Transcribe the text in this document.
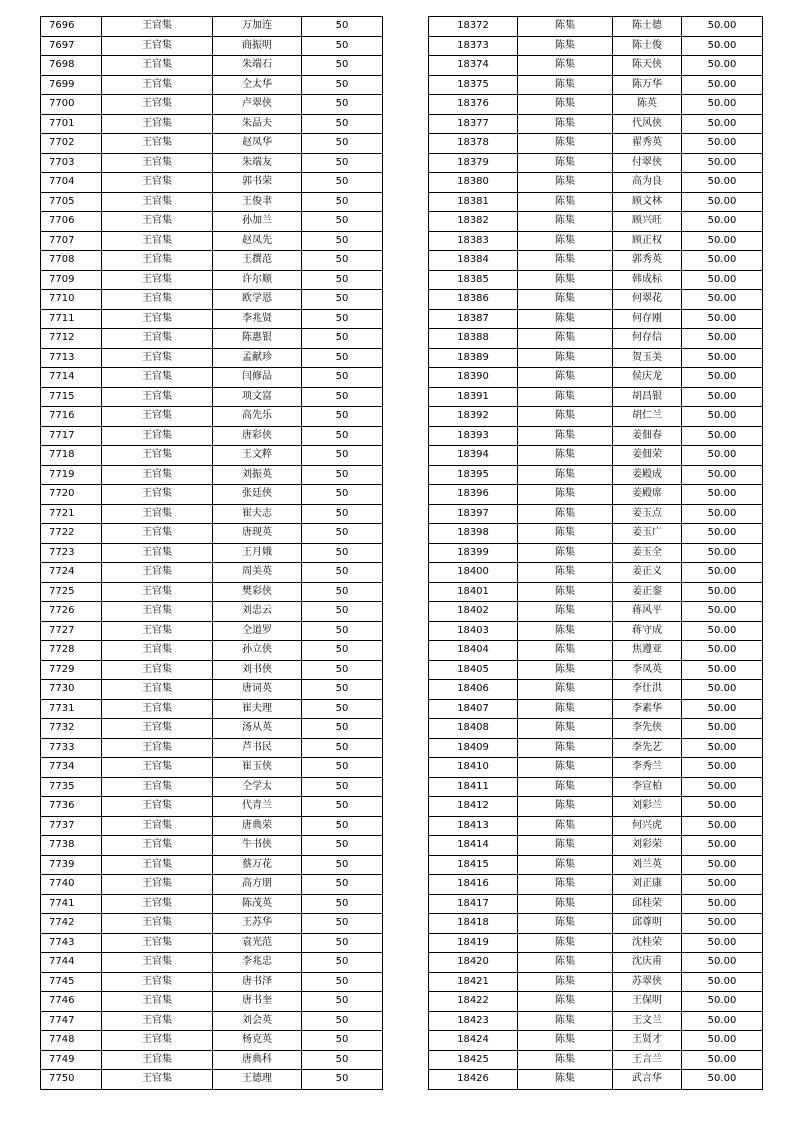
7696	王官集	万加连	50
7697	王官集	商振明	50
7698	王官集	朱端石	50
7699	王官集	仝太华	50
7700	王官集	卢翠侠	50
7701	王官集	朱品夫	50
7702	王官集	赵凤华	50
7703	王官集	朱端友	50
7704	王官集	郭书荣	50
7705	王官集	王俊聿	50
7706	王官集	孙加兰	50
7707	王官集	赵凤先	50
7708	王官集	王撰范	50
7709	王官集	许尔顺	50
7710	王官集	欧学恩	50
7711	王官集	李兆贤	50
7712	王官集	陈惠银	50
7713	王官集	孟献珍	50
7714	王官集	闫修品	50
7715	王官集	项文富	50
7716	王官集	高先乐	50
7717	王官集	唐彩侠	50
7718	王官集	王文粹	50
7719	王官集	刘振英	50
7720	王官集	张廷侠	50
7721	王官集	崔夫志	50
7722	王官集	唐现英	50
7723	王官集	王月娥	50
7724	王官集	周美英	50
7725	王官集	樊彩侠	50
7726	王官集	刘忠云	50
7727	王官集	仝道罗	50
7728	王官集	孙立侠	50
7729	王官集	刘书侠	50
7730	王官集	唐词英	50
7731	王官集	崔夫理	50
7732	王官集	汤从英	50
7733	王官集	芦书民	50
7734	王官集	崔玉侠	50
7735	王官集	仝学太	50
7736	王官集	代青兰	50
7737	王官集	唐典荣	50
7738	王官集	牛书侠	50
7739	王官集	蔡万花	50
7740	王官集	高方朋	50
7741	王官集	陈茂英	50
7742	王官集	王苏华	50
7743	王官集	袁光范	50
7744	王官集	李兆忠	50
7745	王官集	唐书泽	50
7746	王官集	唐书奎	50
7747	王官集	刘会英	50
7748	王官集	杨克英	50
7749	王官集	唐典科	50
7750	王官集	王德理	50
18372	陈集	陈士德	50.00
18373	陈集	陈士俊	50.00
18374	陈集	陈天侠	50.00
18375	陈集	陈万华	50.00
18376	陈集	陈英	50.00
18377	陈集	代风侠	50.00
18378	陈集	翟秀英	50.00
18379	陈集	付翠侠	50.00
18380	陈集	高为良	50.00
18381	陈集	顾文林	50.00
18382	陈集	顾兴旺	50.00
18383	陈集	顾正权	50.00
18384	陈集	郭秀英	50.00
18385	陈集	韩成标	50.00
18386	陈集	何翠花	50.00
18387	陈集	何存刚	50.00
18388	陈集	何存信	50.00
18389	陈集	贺玉美	50.00
18390	陈集	侯庆龙	50.00
18391	陈集	胡昌银	50.00
18392	陈集	胡仁兰	50.00
18393	陈集	姜佃春	50.00
18394	陈集	姜佃荣	50.00
18395	陈集	姜殿成	50.00
18396	陈集	姜殿席	50.00
18397	陈集	姜玉点	50.00
18398	陈集	姜玉广	50.00
18399	陈集	姜玉全	50.00
18400	陈集	姜正义	50.00
18401	陈集	姜正銮	50.00
18402	陈集	蒋风平	50.00
18403	陈集	蒋守成	50.00
18404	陈集	焦遵亚	50.00
18405	陈集	李凤英	50.00
18406	陈集	李仕洪	50.00
18407	陈集	李素华	50.00
18408	陈集	李先侠	50.00
18409	陈集	李先艺	50.00
18410	陈集	李秀兰	50.00
18411	陈集	李宣柏	50.00
18412	陈集	刘彩兰	50.00
18413	陈集	何兴虎	50.00
18414	陈集	刘彩荣	50.00
18415	陈集	刘兰英	50.00
18416	陈集	刘正康	50.00
18417	陈集	邱桂荣	50.00
18418	陈集	邱尊明	50.00
18419	陈集	沈桂荣	50.00
18420	陈集	沈庆甫	50.00
18421	陈集	苏翠侠	50.00
18422	陈集	王保明	50.00
18423	陈集	王文兰	50.00
18424	陈集	王贤才	50.00
18425	陈集	王言兰	50.00
18426	陈集	武言华	50.00
